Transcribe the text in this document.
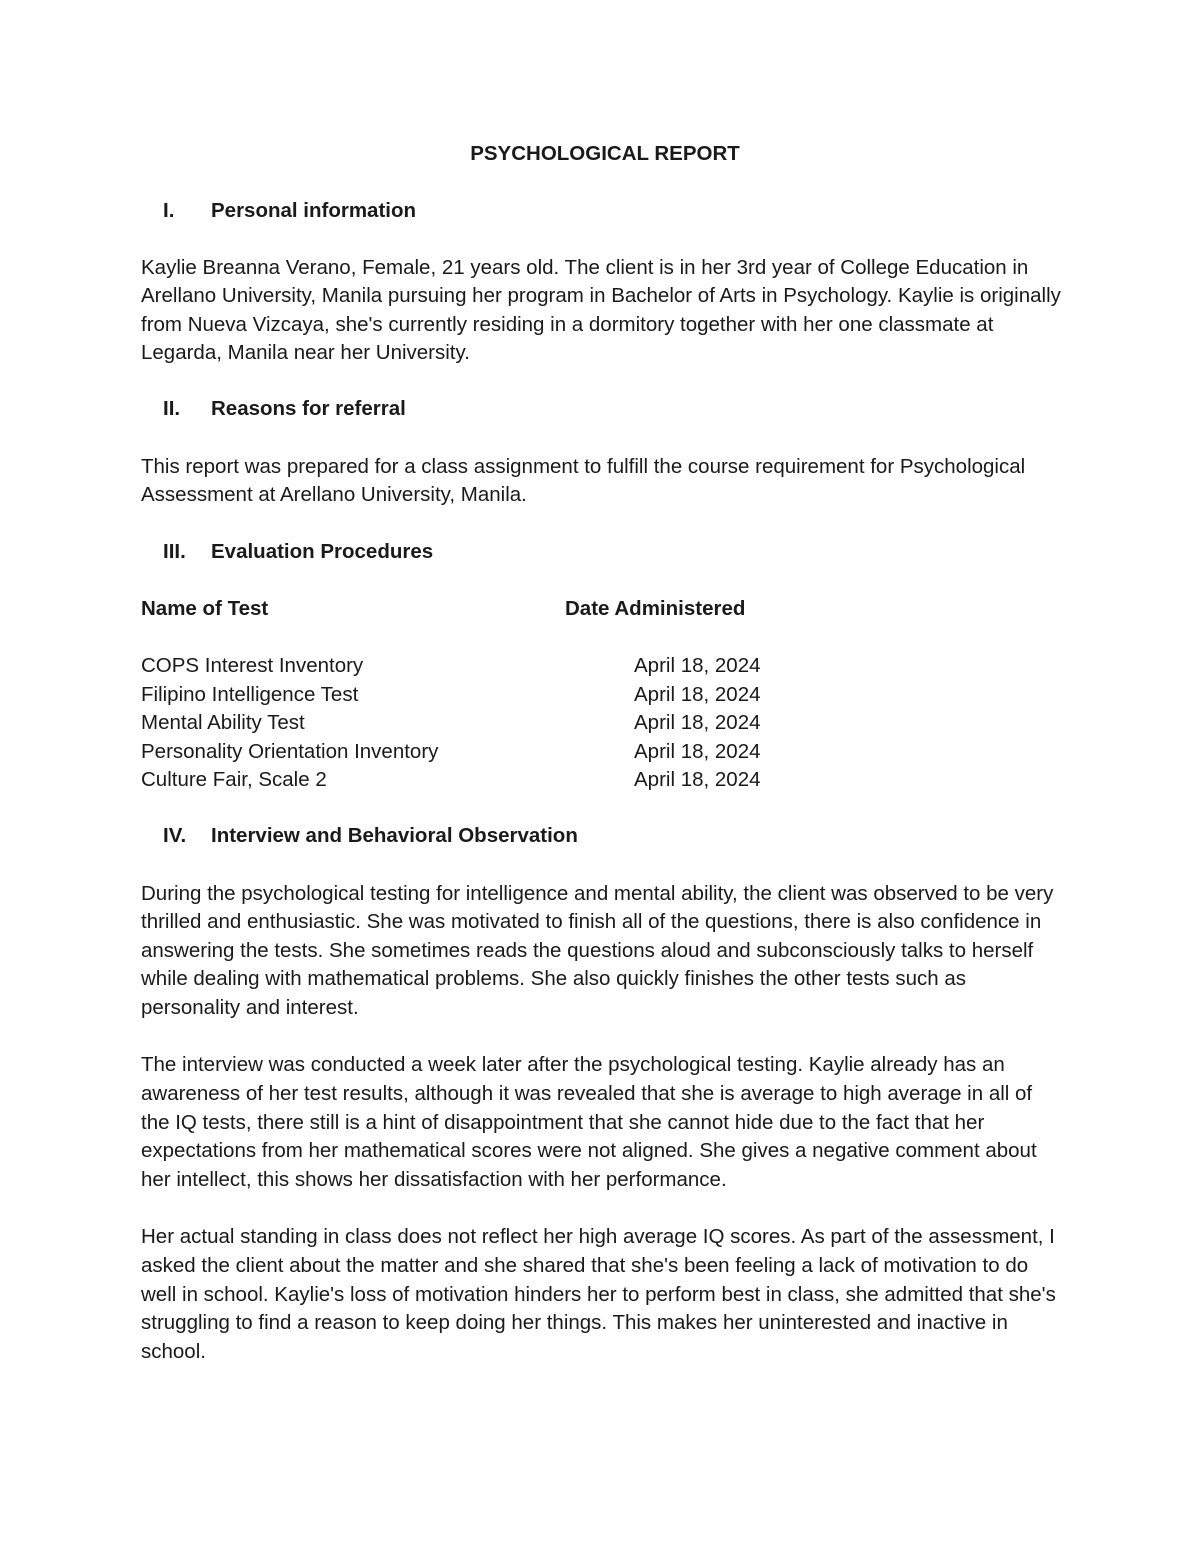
PSYCHOLOGICAL REPORT

I.	Personal information

Kaylie Breanna Verano, Female, 21 years old. The client is in her 3rd year of College Education in Arellano University, Manila pursuing her program in Bachelor of Arts in Psychology. Kaylie is originally from Nueva Vizcaya, she's currently residing in a dormitory together with her one classmate at Legarda, Manila near her University.

II.	Reasons for referral

This report was prepared for a class assignment to fulfill the course requirement for Psychological Assessment at Arellano University, Manila.

III.	Evaluation Procedures
Name of Test	Date Administered
COPS Interest Inventory	April 18, 2024
Filipino Intelligence Test	April 18, 2024
Mental Ability Test	April 18, 2024
Personality Orientation Inventory	April 18, 2024
Culture Fair, Scale 2	April 18, 2024
IV.	Interview and Behavioral Observation

During the psychological testing for intelligence and mental ability, the client was observed to be very thrilled and enthusiastic. She was motivated to finish all of the questions, there is also confidence in answering the tests. She sometimes reads the questions aloud and subconsciously talks to herself while dealing with mathematical problems. She also quickly finishes the other tests such as personality and interest.

The interview was conducted a week later after the psychological testing. Kaylie already has an awareness of her test results, although it was revealed that she is average to high average in all of the IQ tests, there still is a hint of disappointment that she cannot hide due to the fact that her expectations from her mathematical scores were not aligned. She gives a negative comment about her intellect, this shows her dissatisfaction with her performance.

Her actual standing in class does not reflect her high average IQ scores. As part of the assessment, I asked the client about the matter and she shared that she's been feeling a lack of motivation to do well in school. Kaylie's loss of motivation hinders her to perform best in class, she admitted that she's struggling to find a reason to keep doing her things. This makes her uninterested and inactive in school.
